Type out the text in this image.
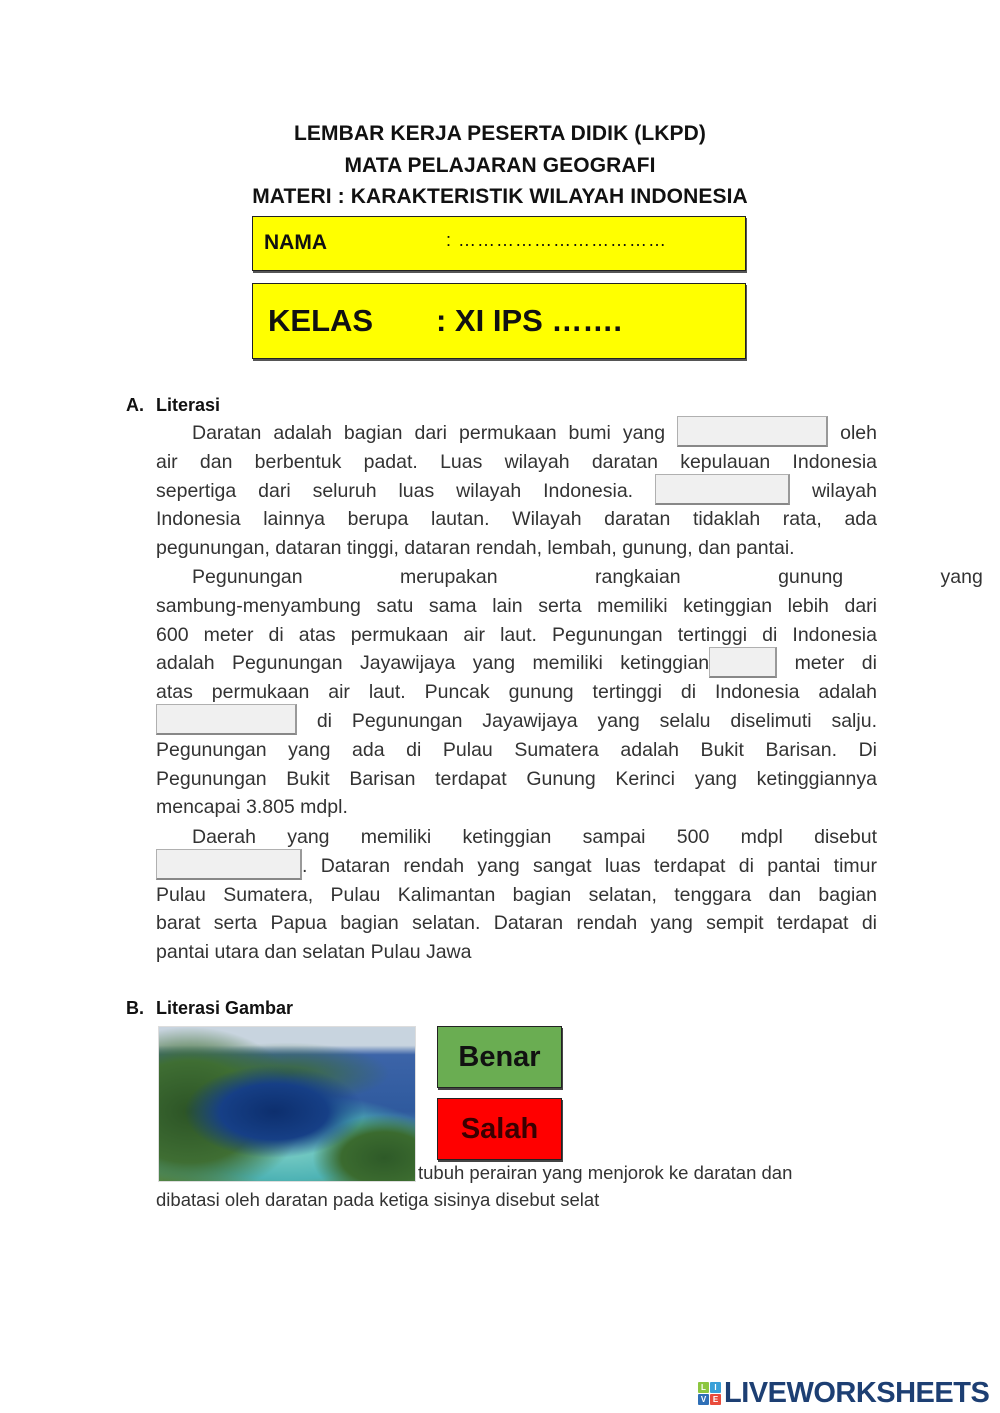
LEMBAR KERJA PESERTA DIDIK (LKPD)
MATA PELAJARAN GEOGRAFI
MATERI : KARAKTERISTIK WILAYAH INDONESIA
NAMA	: ……………………………
KELAS : XI IPS …….
A. Literasi
Daratan adalah bagian dari permukaan bumi yang	oleh
air dan berbentuk padat. Luas wilayah daratan kepulauan Indonesia
sepertiga dari seluruh luas wilayah Indonesia.	wilayah
Indonesia lainnya berupa lautan. Wilayah daratan tidaklah rata, ada
pegunungan, dataran tinggi, dataran rendah, lembah, gunung, dan pantai.
Pegunungan merupakan rangkaian gunung yang
sambung-menyambung satu sama lain serta memiliki ketinggian lebih dari
600 meter di atas permukaan air laut. Pegunungan tertinggi di Indonesia
adalah Pegunungan Jayawijaya yang memiliki ketinggian	meter di
atas permukaan air laut. Puncak gunung tertinggi di Indonesia adalah
di Pegunungan Jayawijaya yang selalu diselimuti salju.
Pegunungan yang ada di Pulau Sumatera adalah Bukit Barisan. Di
Pegunungan Bukit Barisan terdapat Gunung Kerinci yang ketinggiannya
mencapai 3.805 mdpl.
Daerah yang memiliki ketinggian sampai 500 mdpl disebut
. Dataran rendah yang sangat luas terdapat di pantai timur
Pulau Sumatera, Pulau Kalimantan bagian selatan, tenggara dan bagian
barat serta Papua bagian selatan. Dataran rendah yang sempit terdapat di
pantai utara dan selatan Pulau Jawa
B. Literasi Gambar
Benar
Salah
tubuh perairan yang menjorok ke daratan dan
dibatasi oleh daratan pada ketiga sisinya disebut selat
L	I
V E LIVEWORKSHEETS
